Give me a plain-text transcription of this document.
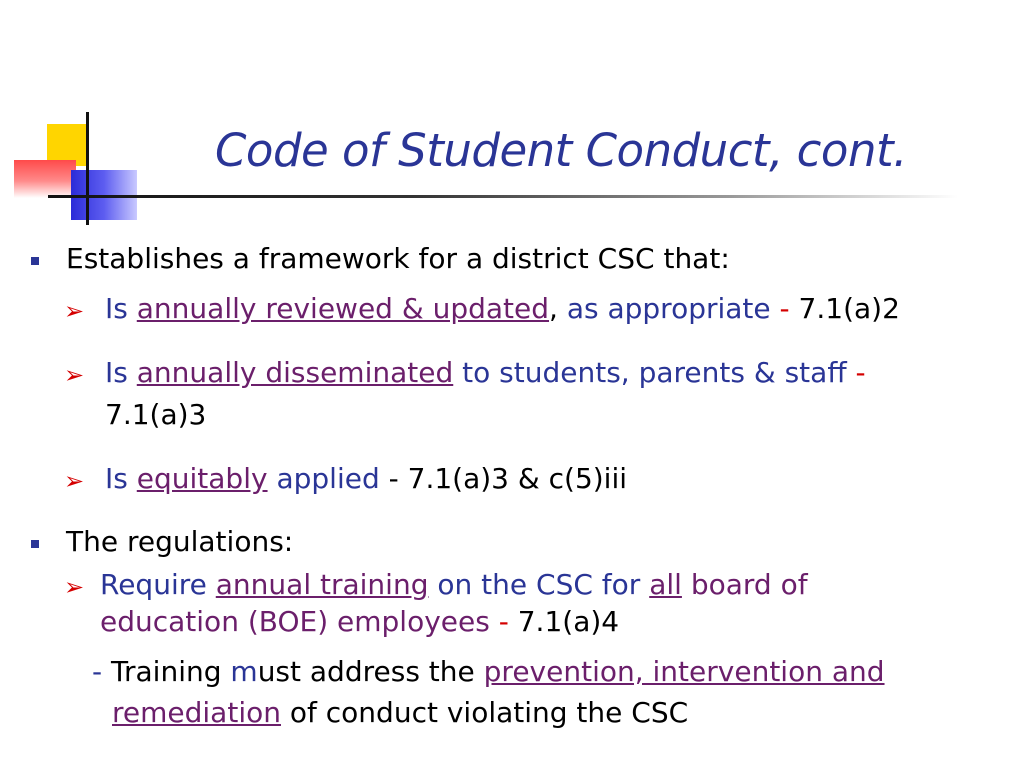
Code of Student Conduct, cont.
Establishes a framework for a district CSC that:
➢ Is annually reviewed & updated, as appropriate - 7.1(a)2
➢ Is annually disseminated to students, parents & staff -
7.1(a)3
➢ Is equitably applied - 7.1(a)3 & c(5)iii
The regulations:
➢ Require annual training on the CSC for all board of
education (BOE) employees - 7.1(a)4
- Training must address the prevention, intervention and
remediation of conduct violating the CSC
